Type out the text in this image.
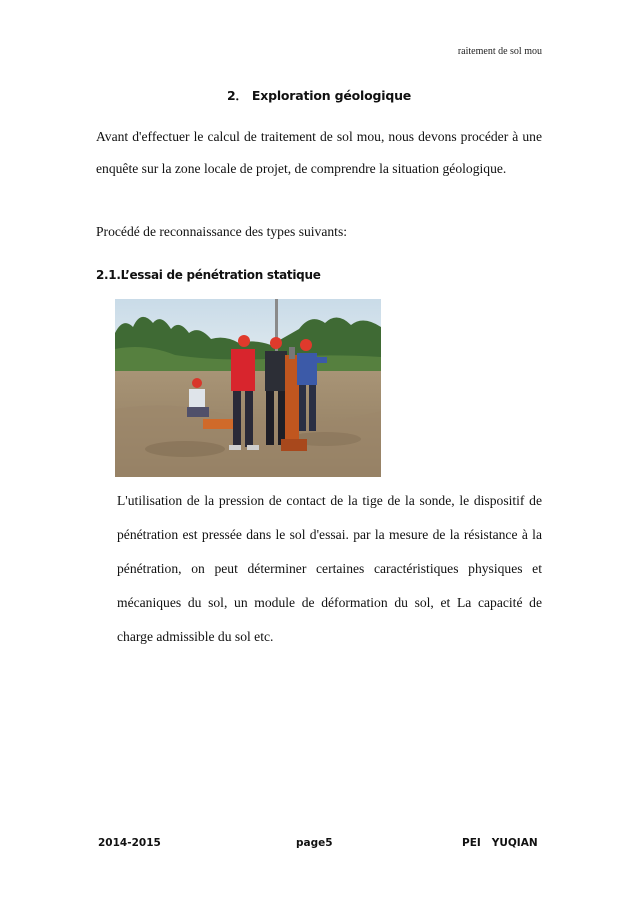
raitement de sol mou
2． Exploration géologique
Avant d'effectuer le calcul de traitement de sol mou, nous devons procéder à une enquête sur la zone locale de projet, de comprendre la situation géologique.
Procédé de reconnaissance des types suivants:
2.1.L’essai de pénétration statique
L'utilisation de la pression de contact de la tige de la sonde, le dispositif de pénétration est pressée dans le sol d'essai. par la mesure de la résistance à la pénétration, on peut déterminer certaines caractéristiques physiques et mécaniques du sol, un module de déformation du sol, et La capacité de charge admissible du sol etc.
2014-2015	page5	PEI   YUQIAN
